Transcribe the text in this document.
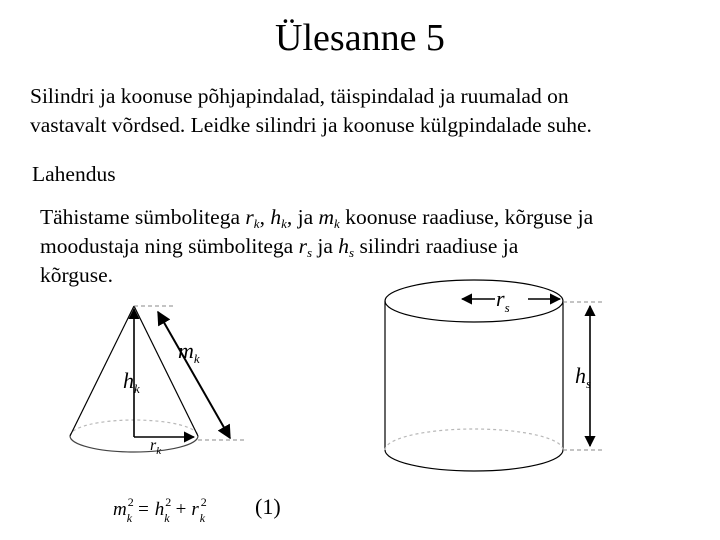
Ülesanne 5
Silindri ja koonuse põhjapindalad, täispindalad ja ruumalad on
vastavalt võrdsed. Leidke silindri ja koonuse külgpindalade suhe.
Lahendus
Tähistame sümbolitega $r_k$, $h_k$, ja $m_k$ koonuse raadiuse, kõrguse ja
moodustaja ning sümbolitega $r_s$ ja $h_s$ silindri raadiuse ja
kõrguse.
$m_k$
$h_k$
$r_k$
$r_s$
$h_s$
$m^2$ $k = h^2$ k + r $^2$ k (1)
